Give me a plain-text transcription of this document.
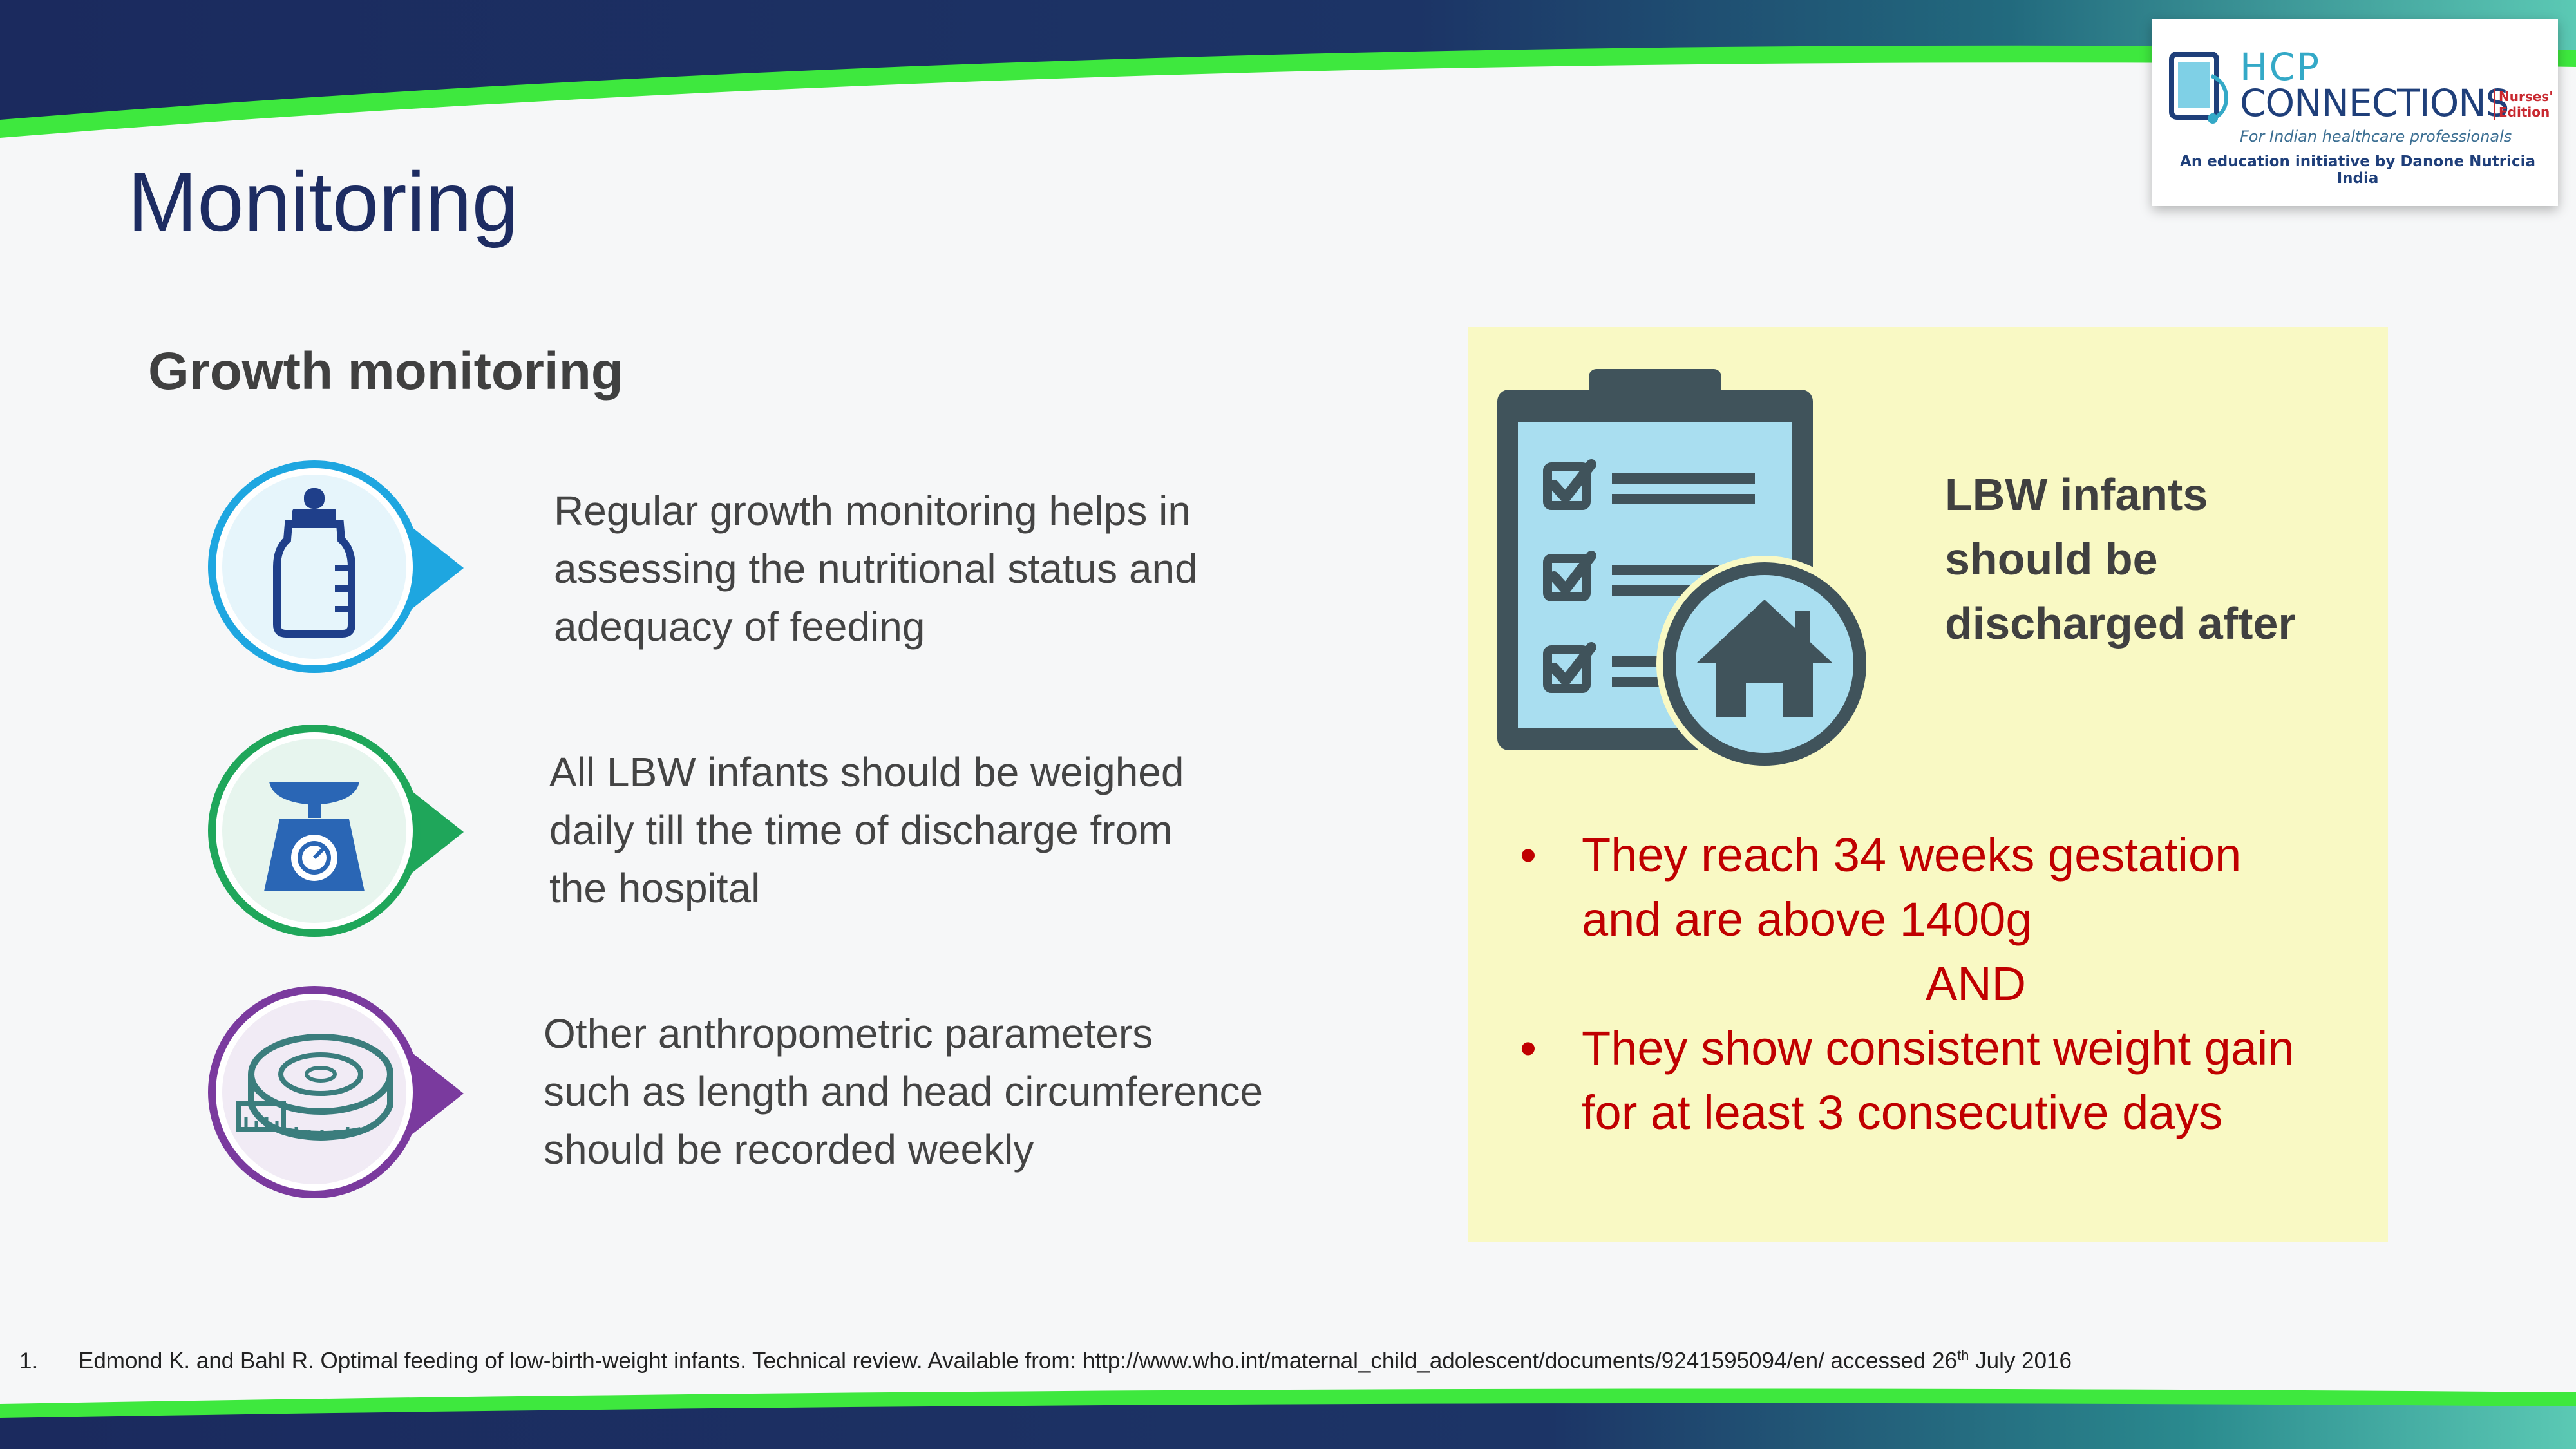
HCP
CONNECTIONS
Nurses' Edition
For Indian healthcare professionals
An education initiative by Danone Nutricia India
Monitoring
Growth monitoring
Regular growth monitoring helps in
assessing the nutritional status and
adequacy of feeding
All LBW infants should be weighed
daily till the time of discharge from
the hospital
Other anthropometric parameters
such as length and head circumference
should be recorded weekly
LBW infants
should be
discharged after
• They reach 34 weeks gestation
and are above 1400g
AND
• They show consistent weight gain
for at least 3 consecutive days
1. Edmond K. and Bahl R. Optimal feeding of low-birth-weight infants. Technical review. Available from: http://www.who.int/maternal_child_adolescent/documents/9241595094/en/ accessed 26th July 2016
